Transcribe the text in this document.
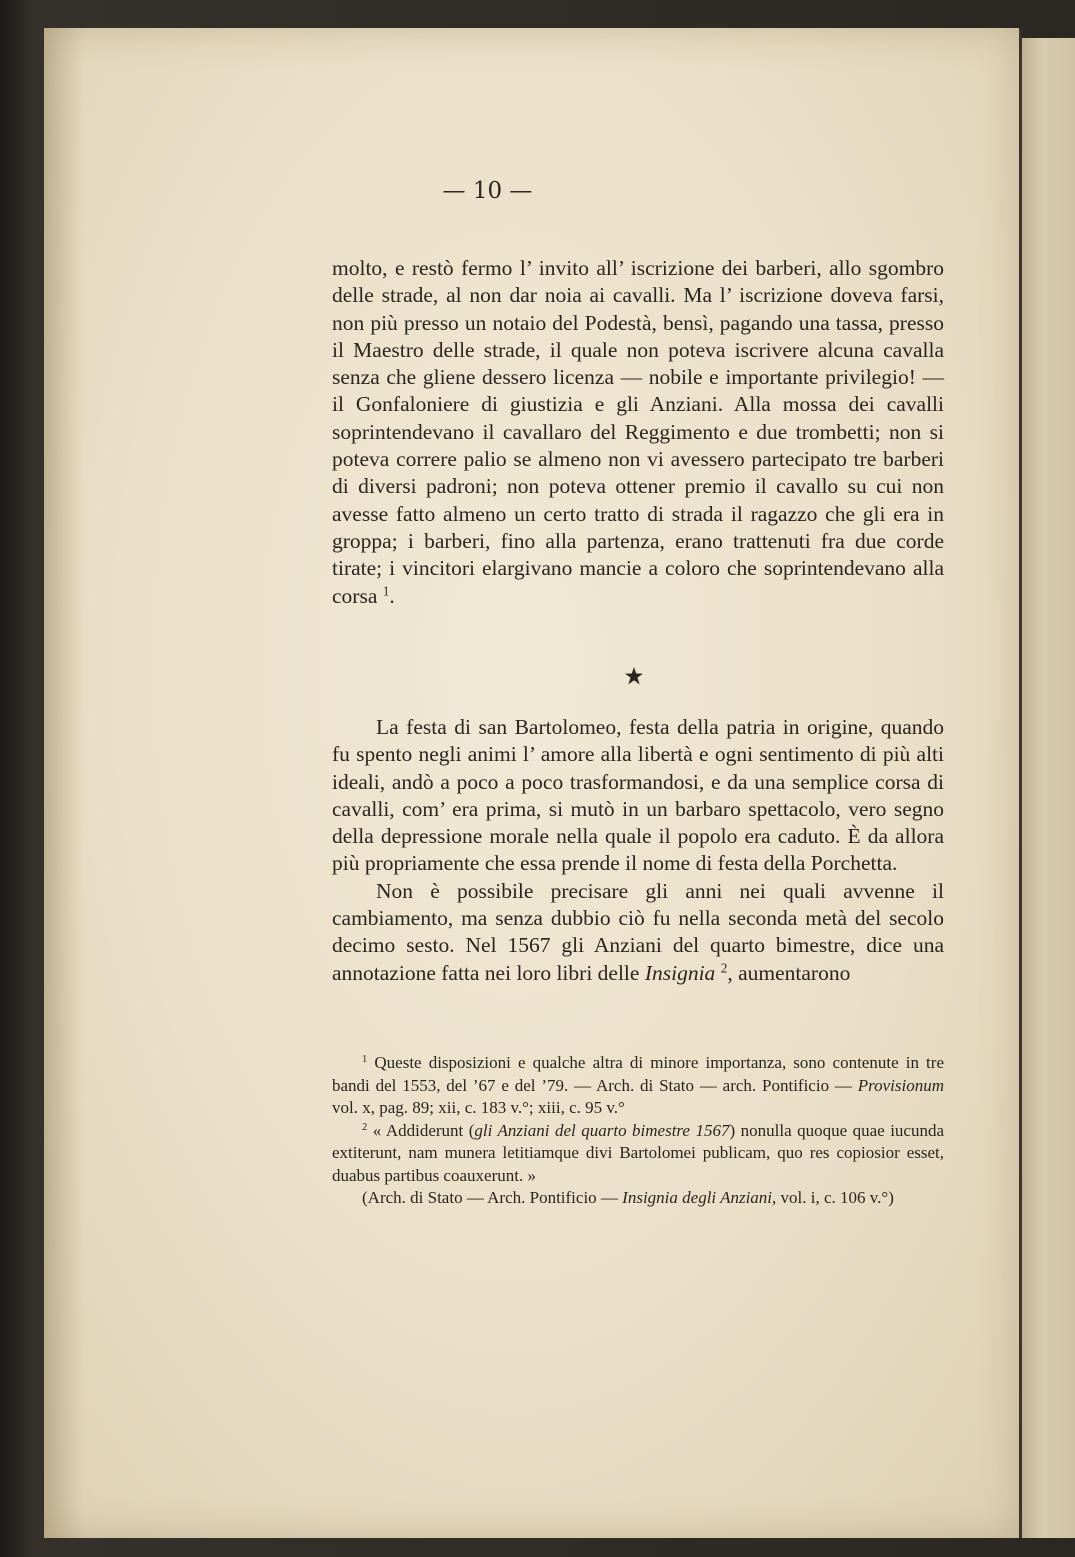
— 10 —

molto, e restò fermo l’ invito all’ iscrizione dei barberi, allo sgombro delle strade, al non dar noia ai cavalli. Ma l’ iscrizione doveva farsi, non più presso un notaio del Podestà, bensì, pagando una tassa, presso il Maestro delle strade, il quale non poteva iscrivere alcuna cavalla senza che gliene dessero licenza — nobile e importante privilegio! — il Gonfaloniere di giustizia e gli Anziani. Alla mossa dei cavalli soprintendevano il cavallaro del Reggimento e due trombetti; non si poteva correre palio se almeno non vi avessero partecipato tre barberi di diversi padroni; non poteva ottener premio il cavallo su cui non avesse fatto almeno un certo tratto di strada il ragazzo che gli era in groppa; i barberi, fino alla partenza, erano trattenuti fra due corde tirate; i vincitori elargivano mancie a coloro che soprintendevano alla corsa $^1$.

La festa di san Bartolomeo, festa della patria in origine, quando fu spento negli animi l’ amore alla libertà e ogni sentimento di più alti ideali, andò a poco a poco trasformandosi, e da una semplice corsa di cavalli, com’ era prima, si mutò in un barbaro spettacolo, vero segno della depressione morale nella quale il popolo era caduto. È da allora più propriamente che essa prende il nome di festa della Porchetta.

Non è possibile precisare gli anni nei quali avvenne il cambiamento, ma senza dubbio ciò fu nella seconda metà del secolo decimo sesto. Nel 1567 gli Anziani del quarto bimestre, dice una annotazione fatta nei loro libri delle Insignia $^2$, aumentarono

$^1$ Queste disposizioni e qualche altra di minore importanza, sono contenute in tre bandi del 1553, del ’67 e del ’79. — Arch. di Stato — arch. Pontificio — Provisionum vol. x, pag. 89; xii, c. 183 v.°; xiii, c. 95 v.°

$^2$ « Addiderunt (gli Anziani del quarto bimestre 1567) nonulla quoque quae iucunda extiterunt, nam munera letitiamque divi Bartolomei publicam, quo res copiosior esset, duabus partibus coauxerunt. »

(Arch. di Stato — Arch. Pontificio — Insignia degli Anziani, vol. i, c. 106 v.°)
